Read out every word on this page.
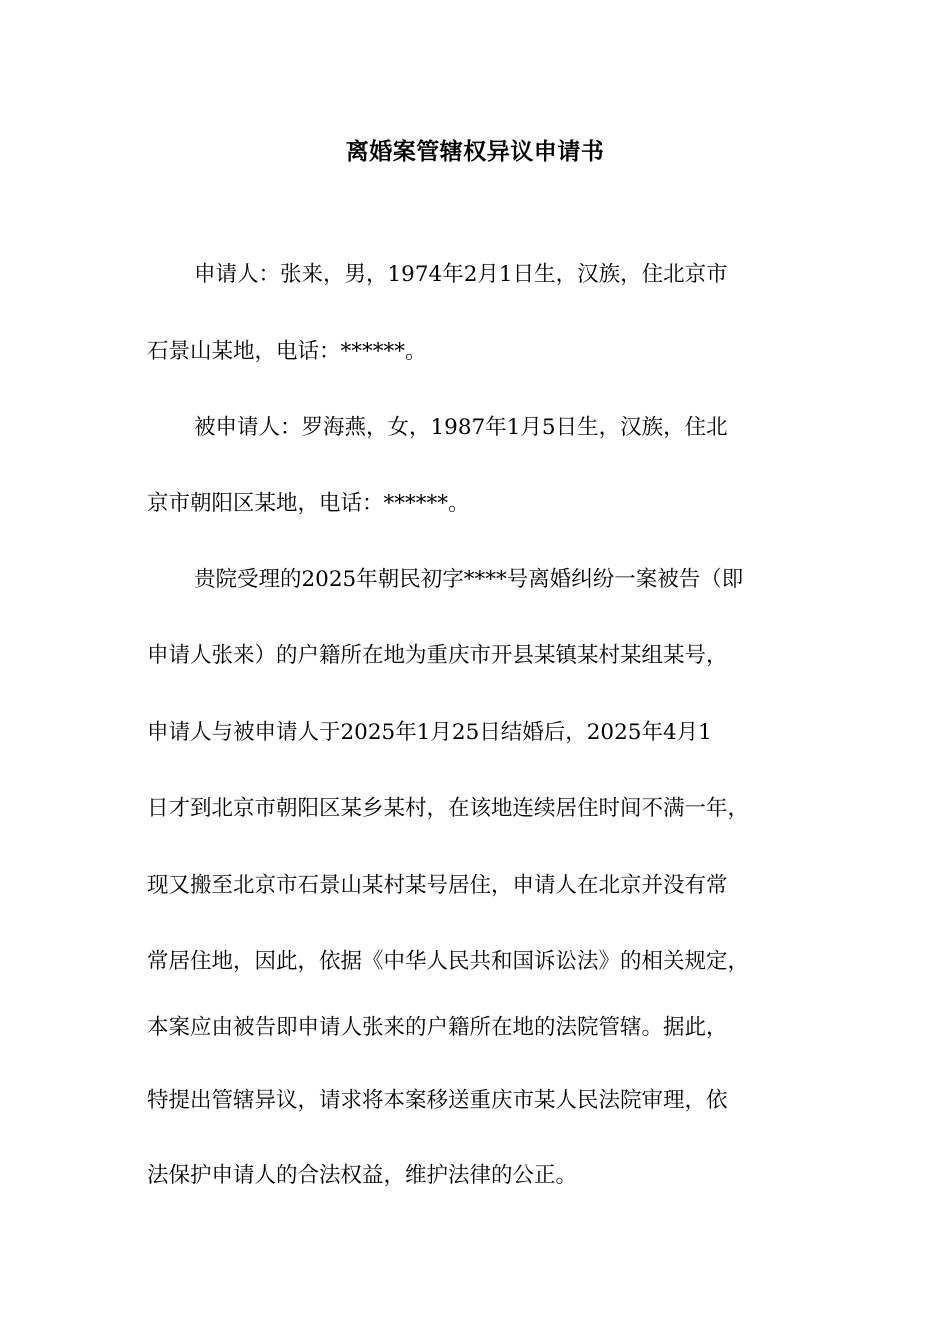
离婚案管辖权异议申请书
申请人：张来，男，1974年2月1日生，汉族，住北京市
石景山某地，电话：******。
被申请人：罗海燕，女，1987年1月5日生，汉族，住北
京市朝阳区某地，电话：******。
贵院受理的2025年朝民初字****号离婚纠纷一案被告（即
申请人张来）的户籍所在地为重庆市开县某镇某村某组某号，
申请人与被申请人于2025年1月25日结婚后，2025年4月1
日才到北京市朝阳区某乡某村，在该地连续居住时间不满一年，
现又搬至北京市石景山某村某号居住，申请人在北京并没有常
常居住地，因此，依据《中华人民共和国诉讼法》的相关规定，
本案应由被告即申请人张来的户籍所在地的法院管辖。据此，
特提出管辖异议，请求将本案移送重庆市某人民法院审理，依
法保护申请人的合法权益，维护法律的公正。
